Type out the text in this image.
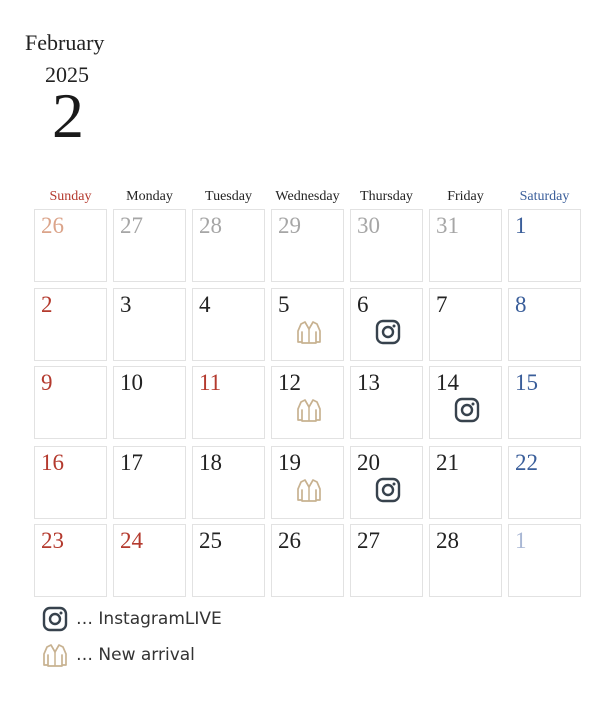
February
2025
2
Sunday	Monday	Tuesday	Wednesday	Thursday	Friday	Saturday
26 27 28 29 30 31 1
2	3	4	5	6	7	8
9	10 11 12 13 14 15
16 17 18 19 20 21 22
23 24 25 26 27 28 1
… InstagramLIVE
… New arrival
